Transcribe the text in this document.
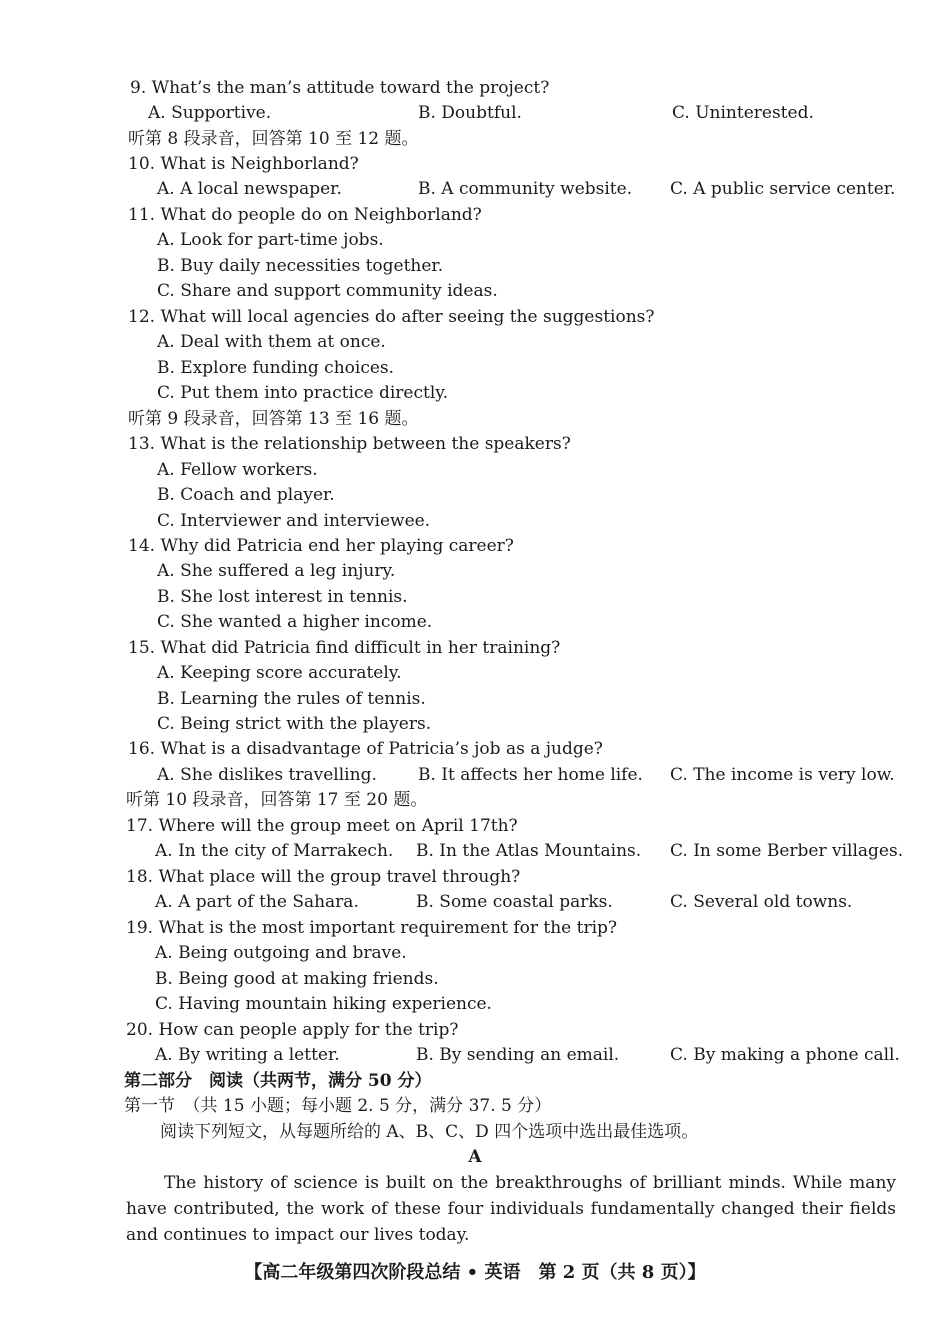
9. What’s the man’s attitude toward the project?
A. Supportive.	B. Doubtful.	C. Uninterested.
听第 8 段录音，回答第 10 至 12 题。
10. What is Neighborland?
A. A local newspaper.	B. A community website. C. A public service center.
11. What do people do on Neighborland?
A. Look for part-time jobs.
B. Buy daily necessities together.
C. Share and support community ideas.
12. What will local agencies do after seeing the suggestions?
A. Deal with them at once.
B. Explore funding choices.
C. Put them into practice directly.
听第 9 段录音，回答第 13 至 16 题。
13. What is the relationship between the speakers?
A. Fellow workers.
B. Coach and player.
C. Interviewer and interviewee.
14. Why did Patricia end her playing career?
A. She suffered a leg injury.
B. She lost interest in tennis.
C. She wanted a higher income.
15. What did Patricia find difficult in her training?
A. Keeping score accurately.
B. Learning the rules of tennis.
C. Being strict with the players.
16. What is a disadvantage of Patricia’s job as a judge?
A. She dislikes travelling. B. It affects her home life. C. The income is very low.
听第 10 段录音，回答第 17 至 20 题。
17. Where will the group meet on April 17th?
A. In the city of Marrakech. B. In the Atlas Mountains. C. In some Berber villages.
18. What place will the group travel through?
A. A part of the Sahara.	B. Some coastal parks.	C. Several old towns.
19. What is the most important requirement for the trip?
A. Being outgoing and brave.
B. Being good at making friends.
C. Having mountain hiking experience.
20. How can people apply for the trip?
A. By writing a letter.	B. By sending an email.	C. By making a phone call.
第二部分　阅读（共两节，满分 50 分）
第一节　（共 15 小题；每小题 2. 5 分，满分 37. 5 分）
阅读下列短文，从每题所给的 A、B、C、D 四个选项中选出最佳选项。
A
The history of science is built on the breakthroughs of brilliant minds. While many have contributed, the work of these four individuals fundamentally changed their fields and continues to impact our lives today.
【高二年级第四次阶段总结 • 英语　第 2 页（共 8 页）】
